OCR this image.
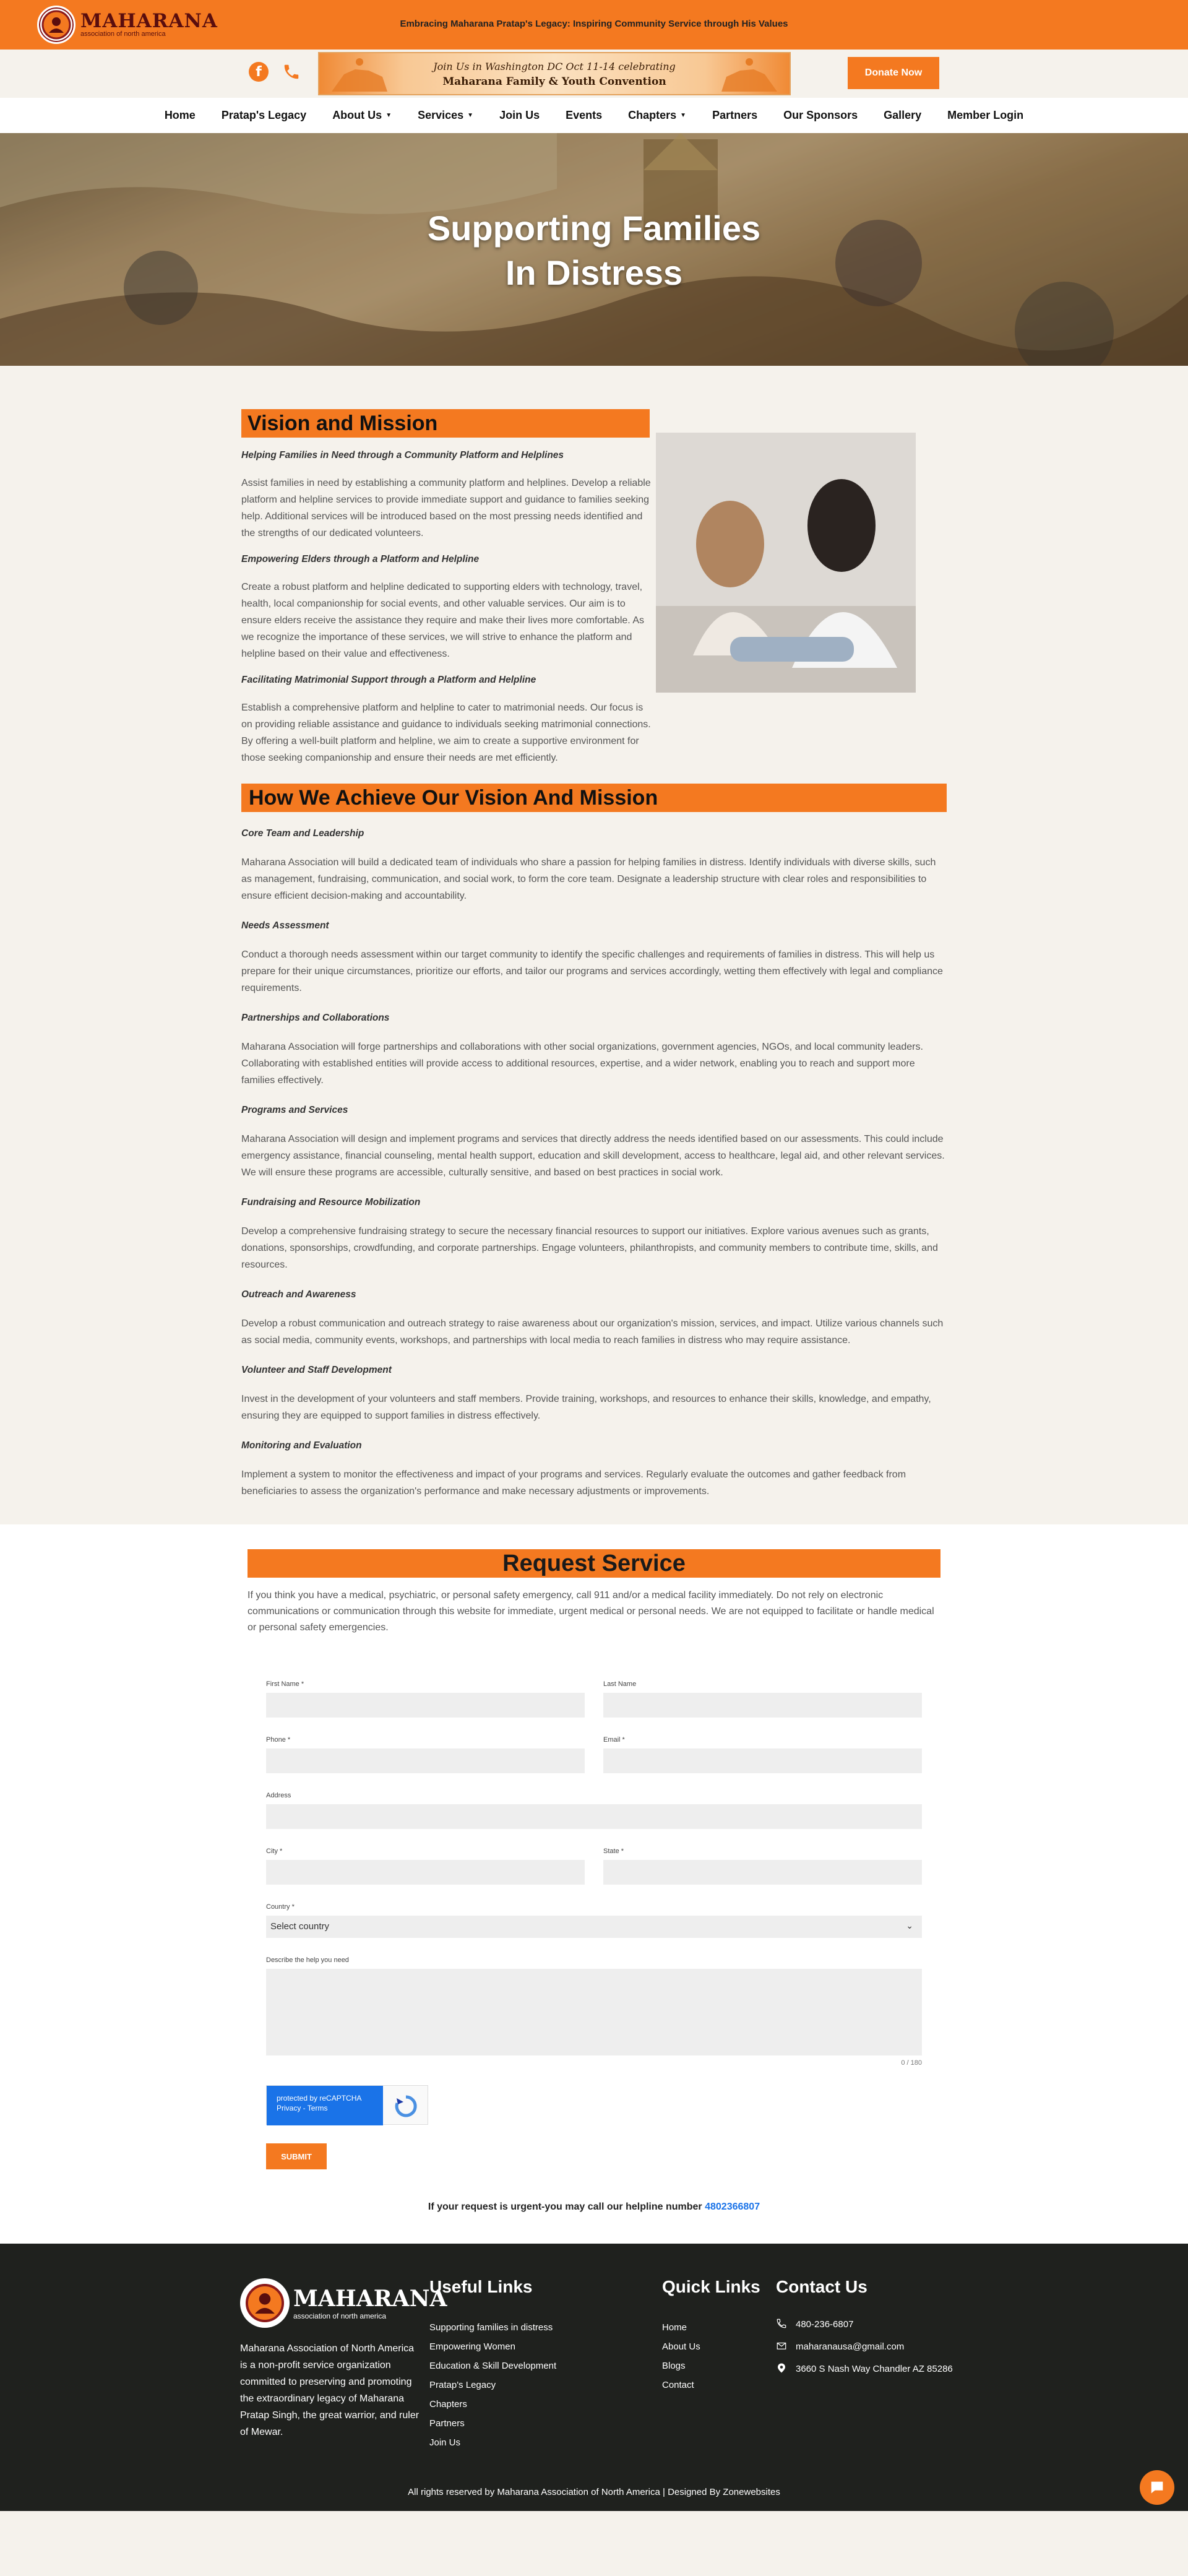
MAHARANA
association of north america
Embracing Maharana Pratap's Legacy: Inspiring Community Service through His Values
f	Join Us in Washington DC Oct 11-14 celebrating
Maharana Family & Youth Convention
Donate Now
Home Pratap's Legacy About Us ▼ Services ▼ Join Us Events Chapters ▼ Partners Our Sponsors Gallery Member Login
Supporting Families
In Distress
Vision and Mission
Helping Families in Need through a Community Platform and Helplines

Assist families in need by establishing a community platform and helplines. Develop a reliable platform and helpline services to provide immediate support and guidance to families seeking help. Additional services will be introduced based on the most pressing needs identified and the strengths of our dedicated volunteers.

Empowering Elders through a Platform and Helpline

Create a robust platform and helpline dedicated to supporting elders with technology, travel, health, local companionship for social events, and other valuable services. Our aim is to ensure elders receive the assistance they require and make their lives more comfortable. As we recognize the importance of these services, we will strive to enhance the platform and helpline based on their value and effectiveness.

Facilitating Matrimonial Support through a Platform and Helpline

Establish a comprehensive platform and helpline to cater to matrimonial needs. Our focus is on providing reliable assistance and guidance to individuals seeking matrimonial connections. By offering a well-built platform and helpline, we aim to create a supportive environment for those seeking companionship and ensure their needs are met efficiently.

How We Achieve Our Vision And Mission
Core Team and Leadership

Maharana Association will build a dedicated team of individuals who share a passion for helping families in distress. Identify individuals with diverse skills, such as management, fundraising, communication, and social work, to form the core team. Designate a leadership structure with clear roles and responsibilities to ensure efficient decision-making and accountability.

Needs Assessment

Conduct a thorough needs assessment within our target community to identify the specific challenges and requirements of families in distress. This will help us prepare for their unique circumstances, prioritize our efforts, and tailor our programs and services accordingly, wetting them effectively with legal and compliance requirements.

Partnerships and Collaborations

Maharana Association will forge partnerships and collaborations with other social organizations, government agencies, NGOs, and local community leaders. Collaborating with established entities will provide access to additional resources, expertise, and a wider network, enabling you to reach and support more families effectively.

Programs and Services

Maharana Association will design and implement programs and services that directly address the needs identified based on our assessments. This could include emergency assistance, financial counseling, mental health support, education and skill development, access to healthcare, legal aid, and other relevant services. We will ensure these programs are accessible, culturally sensitive, and based on best practices in social work.

Fundraising and Resource Mobilization

Develop a comprehensive fundraising strategy to secure the necessary financial resources to support our initiatives. Explore various avenues such as grants, donations, sponsorships, crowdfunding, and corporate partnerships. Engage volunteers, philanthropists, and community members to contribute time, skills, and resources.

Outreach and Awareness

Develop a robust communication and outreach strategy to raise awareness about our organization's mission, services, and impact. Utilize various channels such as social media, community events, workshops, and partnerships with local media to reach families in distress who may require assistance.

Volunteer and Staff Development

Invest in the development of your volunteers and staff members. Provide training, workshops, and resources to enhance their skills, knowledge, and empathy, ensuring they are equipped to support families in distress effectively.

Monitoring and Evaluation

Implement a system to monitor the effectiveness and impact of your programs and services. Regularly evaluate the outcomes and gather feedback from beneficiaries to assess the organization's performance and make necessary adjustments or improvements.

Request Service

If you think you have a medical, psychiatric, or personal safety emergency, call 911 and/or a medical facility immediately. Do not rely on electronic communications or communication through this website for immediate, urgent medical or personal needs. We are not equipped to facilitate or handle medical or personal safety emergencies.

First Name *	Last Name
Phone *	Email *
Address
City *	State *
Country *
Select country	⌄
Describe the help you need
0 / 180
protected by reCAPTCHA
Privacy - Terms
SUBMIT
If your request is urgent-you may call our helpline number 4802366807
MAHARANA
association of north america

Maharana Association of North America is a non-profit service organization committed to preserving and promoting the extraordinary legacy of Maharana Pratap Singh, the great warrior, and ruler of Mewar.

Useful Links
Supporting families in distress
Empowering Women
Education & Skill Development
Pratap's Legacy
Chapters
Partners
Join Us
Quick Links
Home
About Us
Blogs
Contact
Contact Us
480-236-6807
maharanausa@gmail.com
3660 S Nash Way Chandler AZ 85286
All rights reserved by Maharana Association of North America | Designed By Zonewebsites
